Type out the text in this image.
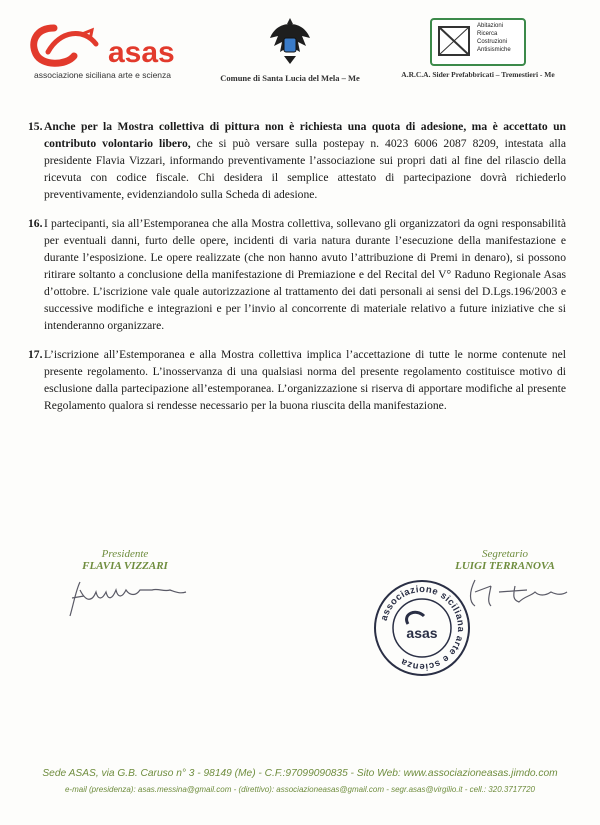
asas
associazione siciliana arte e scienza	Comune di Santa Lucia del Mela – Me
Abitazioni
Ricerca
Costruzioni
Antisismiche
A.R.C.A. Sider Prefabbricati – Tremestieri - Me
15. Anche per la Mostra collettiva di pittura non è richiesta una quota di adesione, ma è accettato un contributo volontario libero, che si può versare sulla postepay n. 4023 6006 2087 8209, intestata alla presidente Flavia Vizzari, informando preventivamente l’associazione sui propri dati al fine del rilascio della ricevuta con codice fiscale. Chi desidera il semplice attestato di partecipazione dovrà richiederlo preventivamente, evidenziandolo sulla Scheda di adesione.
16. I partecipanti, sia all’Estemporanea che alla Mostra collettiva, sollevano gli organizzatori da ogni responsabilità per eventuali danni, furto delle opere, incidenti di varia natura durante l’esecuzione della manifestazione e durante l’esposizione. Le opere realizzate (che non hanno avuto l’attribuzione di Premi in denaro), si possono ritirare soltanto a conclusione della manifestazione di Premiazione e del Recital del V° Raduno Regionale Asas d’ottobre. L’iscrizione vale quale autorizzazione al trattamento dei dati personali ai sensi del D.Lgs.196/2003 e successive modifiche e integrazioni e per l’invio al concorrente di materiale relativo a future iniziative che si intenderanno organizzare.
17. L’iscrizione all’Estemporanea e alla Mostra collettiva implica l’accettazione di tutte le norme contenute nel presente regolamento. L’inosservanza di una qualsiasi norma del presente regolamento costituisce motivo di esclusione dalla partecipazione all’estemporanea. L’organizzazione si riserva di apportare modifiche al presente Regolamento qualora si rendesse necessario per la buona riuscita della manifestazione.
Presidente
FLAVIA VIZZARI
Segretario
LUIGI TERRANOVA
associazione siciliana arte e scienza
asas
Sede ASAS, via G.B. Caruso n° 3 - 98149 (Me) - C.F.:97099090835 - Sito Web: www.associazioneasas.jimdo.com
e-mail (presidenza): asas.messina@gmail.com - (direttivo): associazioneasas@gmail.com - segr.asas@virgilio.it - cell.: 320.3717720
